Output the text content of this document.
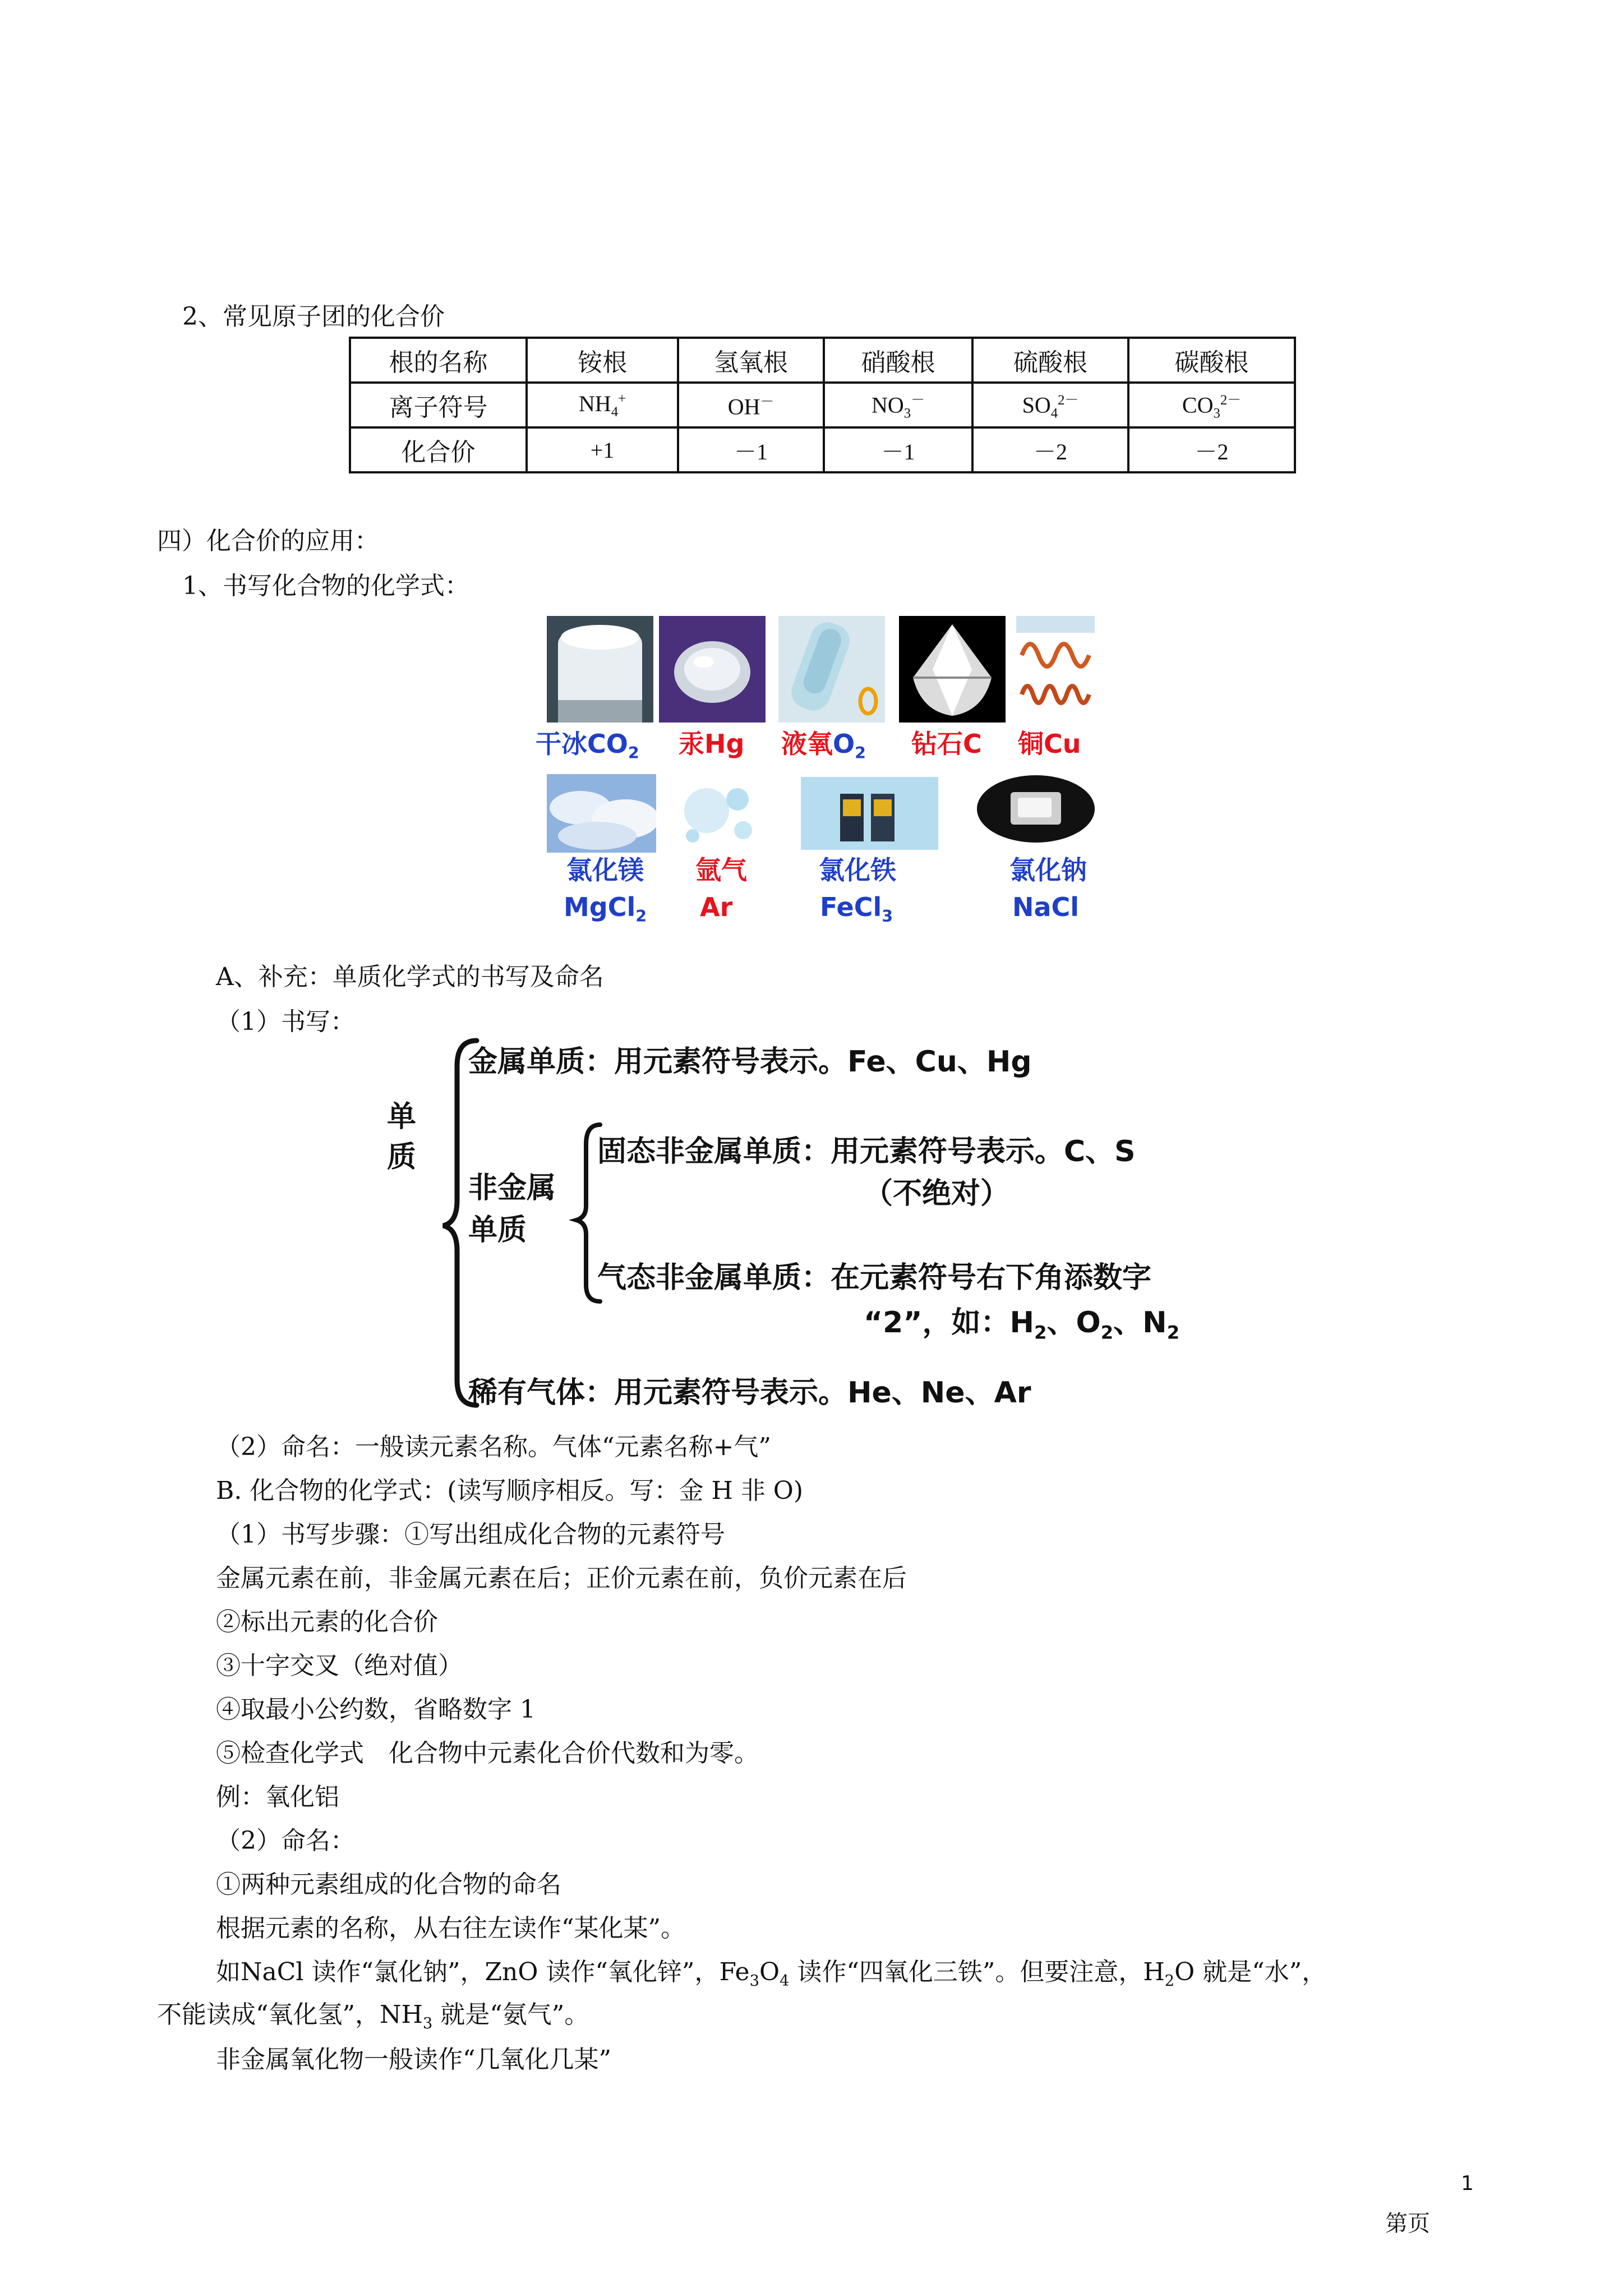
2、常见原子团的化合价
根的名称	铵根	氢氧根	硝酸根	硫酸根	碳酸根
离子符号	$NH_4^+$	OH－	$NO_3^-$	$SO_4^{2-}$	$CO_3^{2-}$
化合价	+1	－1	－1	－2	－2
四）化合价的应用：
1、书写化合物的化学式：
干冰$CO_2$ 汞Hg 液氧$O_2$ 钻石C 铜Cu
氯化镁
MgCl$_2$
氩气
Ar
氯化铁
FeCl$_3$
氯化钠
NaCl
A、补充：单质化学式的书写及命名
（1）书写：
单
质
金属单质：用元素符号表示。Fe、Cu、Hg
非金属
单质
固态非金属单质：用元素符号表示。C、S
（不绝对）
气态非金属单质：在元素符号右下角添数字
“2”，如：$H_2$、$O_2$、$N_2$
稀有气体：用元素符号表示。He、Ne、Ar
（2）命名：一般读元素名称。气体“元素名称+气”
B. 化合物的化学式：(读写顺序相反。写：金 H 非 O)
（1）书写步骤：①写出组成化合物的元素符号
金属元素在前，非金属元素在后；正价元素在前，负价元素在后
②标出元素的化合价
③十字交叉（绝对值）
④取最小公约数，省略数字 1
⑤检查化学式　化合物中元素化合价代数和为零。
例：氧化铝
（2）命名：
①两种元素组成的化合物的命名
根据元素的名称，从右往左读作“某化某”。
如NaCl 读作“氯化钠”，ZnO 读作“氧化锌”，$Fe_3O_4$ 读作“四氧化三铁”。但要注意，$H_2O$ 就是“水”，
不能读成“氧化氢”，$NH_3$ 就是“氨气”。
非金属氧化物一般读作“几氧化几某”
1
第页
